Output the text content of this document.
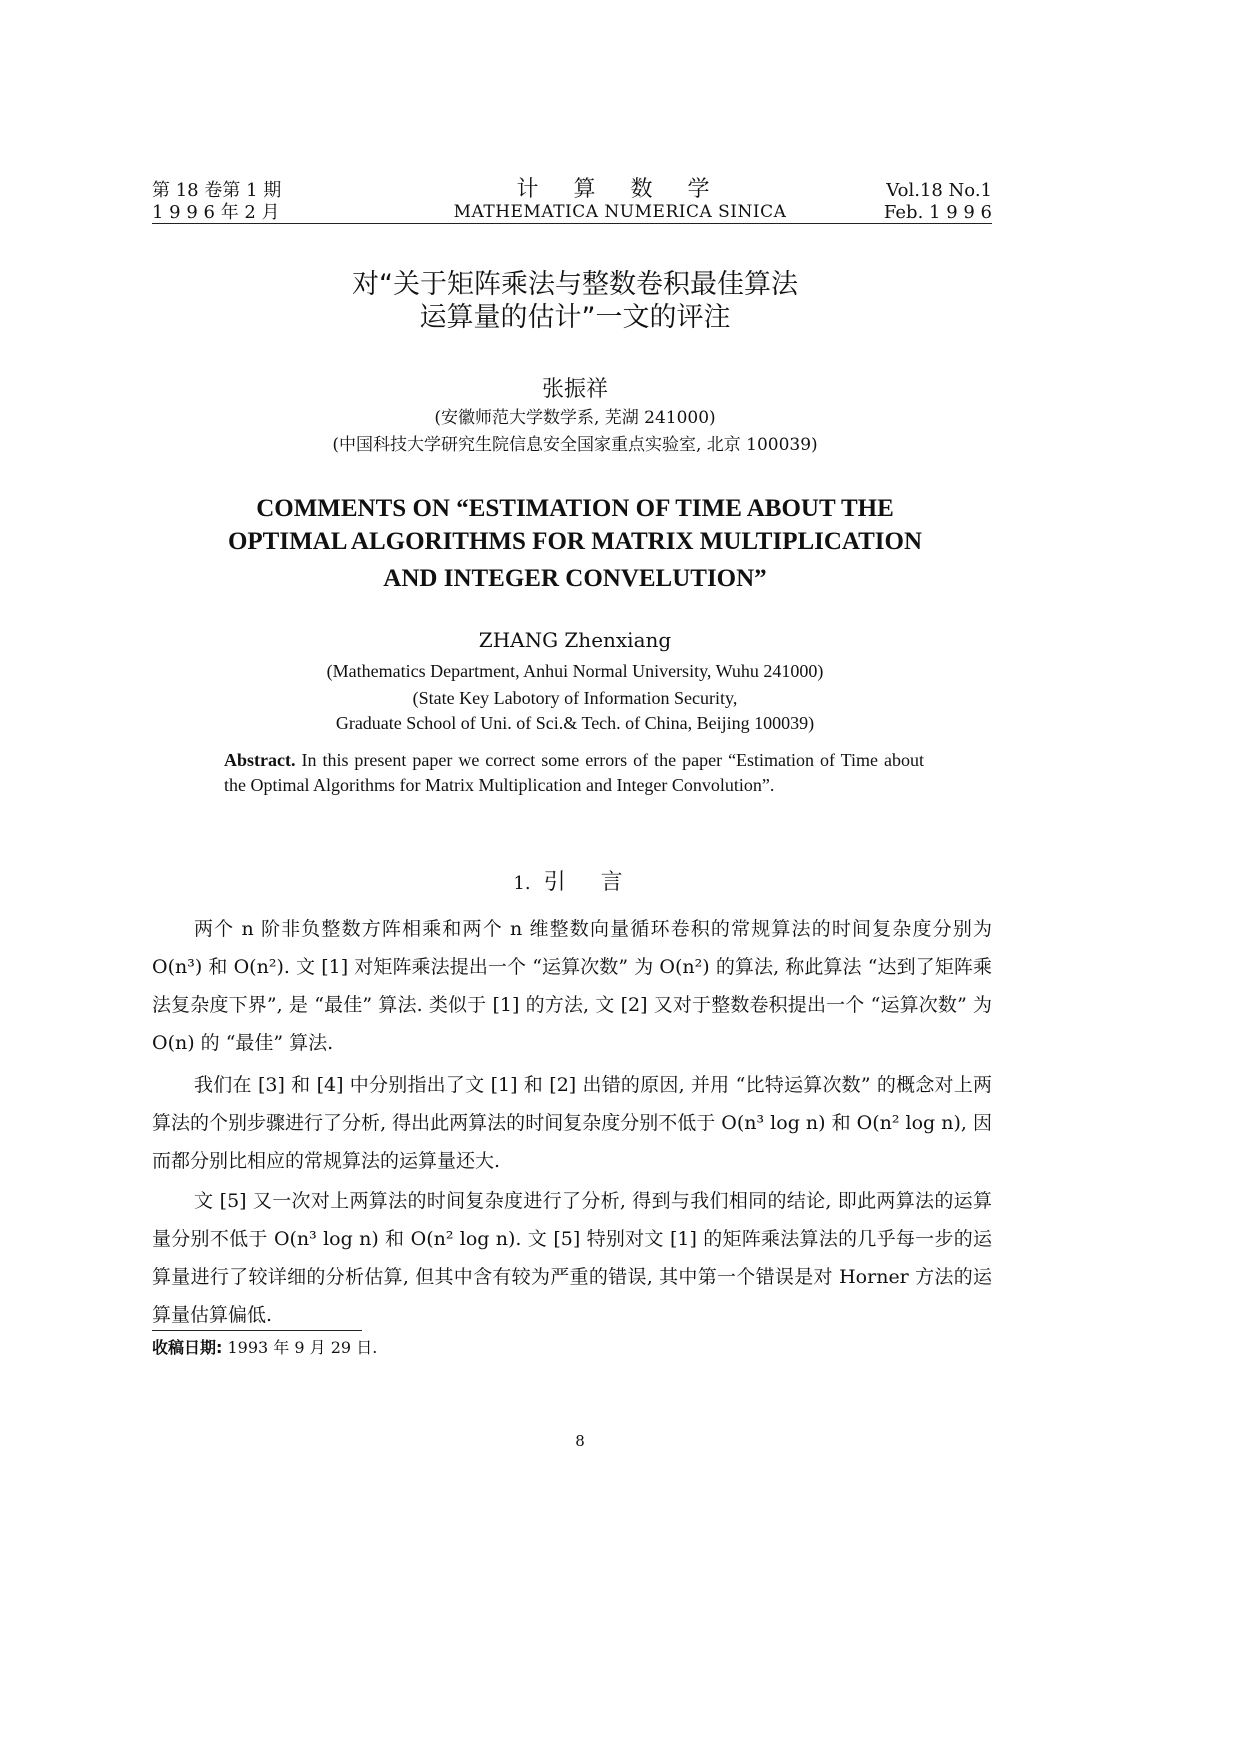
第 18 卷第 1 期
1 9 9 6 年 2 月
计 算 数 学
MATHEMATICA NUMERICA SINICA
Vol.18 No.1
Feb. 1 9 9 6
对“关于矩阵乘法与整数卷积最佳算法
运算量的估计”一文的评注
张振祥
(安徽师范大学数学系, 芜湖 241000)
(中国科技大学研究生院信息安全国家重点实验室, 北京 100039)
COMMENTS ON “ESTIMATION OF TIME ABOUT THE
OPTIMAL ALGORITHMS FOR MATRIX MULTIPLICATION
AND INTEGER CONVELUTION”
ZHANG Zhenxiang
(Mathematics Department, Anhui Normal University, Wuhu 241000)
(State Key Labotory of Information Security,
Graduate School of Uni. of Sci.& Tech. of China, Beijing 100039)
Abstract. In this present paper we correct some errors of the paper “Estimation of Time about the Optimal Algorithms for Matrix Multiplication and Integer Convolution”.
1. 引 言

两个 n 阶非负整数方阵相乘和两个 n 维整数向量循环卷积的常规算法的时间复杂度分别为 O(n³) 和 O(n²). 文 [1] 对矩阵乘法提出一个 “运算次数” 为 O(n²) 的算法, 称此算法 “达到了矩阵乘法复杂度下界”, 是 “最佳” 算法. 类似于 [1] 的方法, 文 [2] 又对于整数卷积提出一个 “运算次数” 为 O(n) 的 “最佳” 算法.

我们在 [3] 和 [4] 中分别指出了文 [1] 和 [2] 出错的原因, 并用 “比特运算次数” 的概念对上两算法的个别步骤进行了分析, 得出此两算法的时间复杂度分别不低于 O(n³ log n) 和 O(n² log n), 因而都分别比相应的常规算法的运算量还大.

文 [5] 又一次对上两算法的时间复杂度进行了分析, 得到与我们相同的结论, 即此两算法的运算量分别不低于 O(n³ log n) 和 O(n² log n). 文 [5] 特别对文 [1] 的矩阵乘法算法的几乎每一步的运算量进行了较详细的分析估算, 但其中含有较为严重的错误, 其中第一个错误是对 Horner 方法的运算量估算偏低.

收稿日期: 1993 年 9 月 29 日.
8
